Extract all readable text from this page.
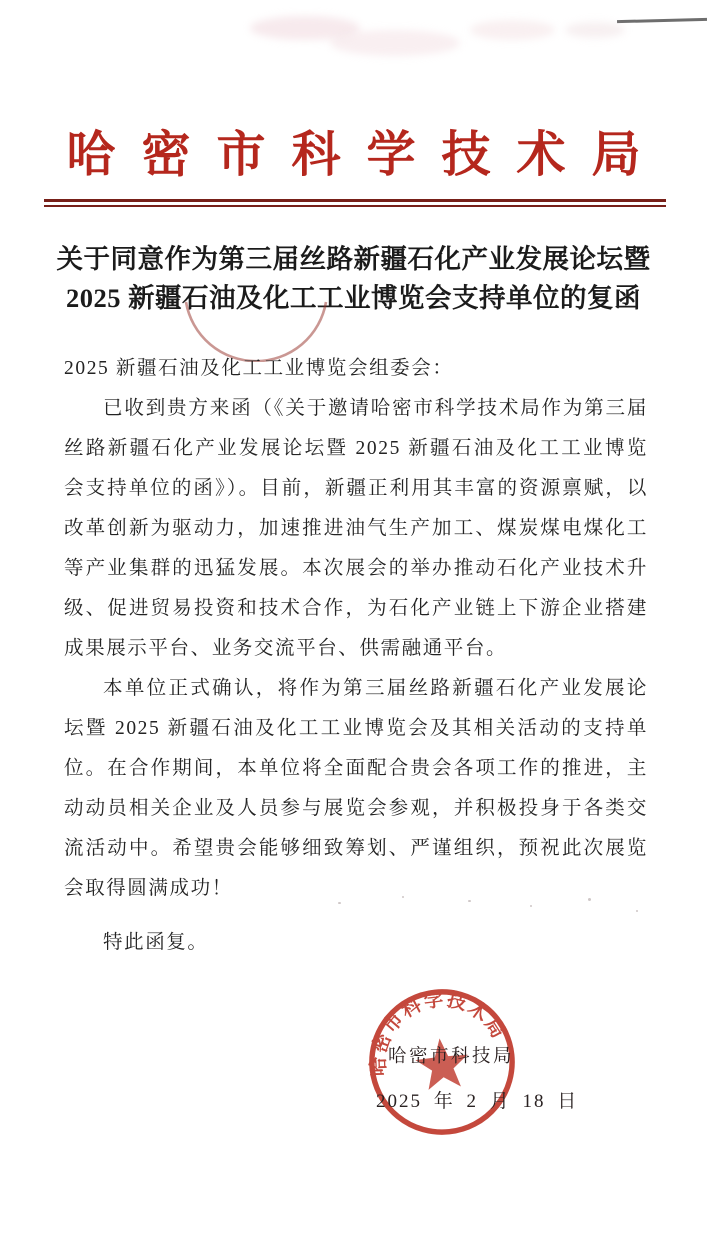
哈密市科学技术局
关于同意作为第三届丝路新疆石化产业发展论坛暨
2025 新疆石油及化工工业博览会支持单位的复函

2025 新疆石油及化工工业博览会组委会：

已收到贵方来函（《关于邀请哈密市科学技术局作为第三届丝路新疆石化产业发展论坛暨 2025 新疆石油及化工工业博览会支持单位的函》）。目前，新疆正利用其丰富的资源禀赋，以改革创新为驱动力，加速推进油气生产加工、煤炭煤电煤化工等产业集群的迅猛发展。本次展会的举办推动石化产业技术升级、促进贸易投资和技术合作，为石化产业链上下游企业搭建成果展示平台、业务交流平台、供需融通平台。

本单位正式确认，将作为第三届丝路新疆石化产业发展论坛暨 2025 新疆石油及化工工业博览会及其相关活动的支持单位。在合作期间，本单位将全面配合贵会各项工作的推进，主动动员相关企业及人员参与展览会参观，并积极投身于各类交流活动中。希望贵会能够细致筹划、严谨组织，预祝此次展览会取得圆满成功！

特此函复。

哈密市科学技术局
哈密市科技局
2025 年 2 月 18 日
